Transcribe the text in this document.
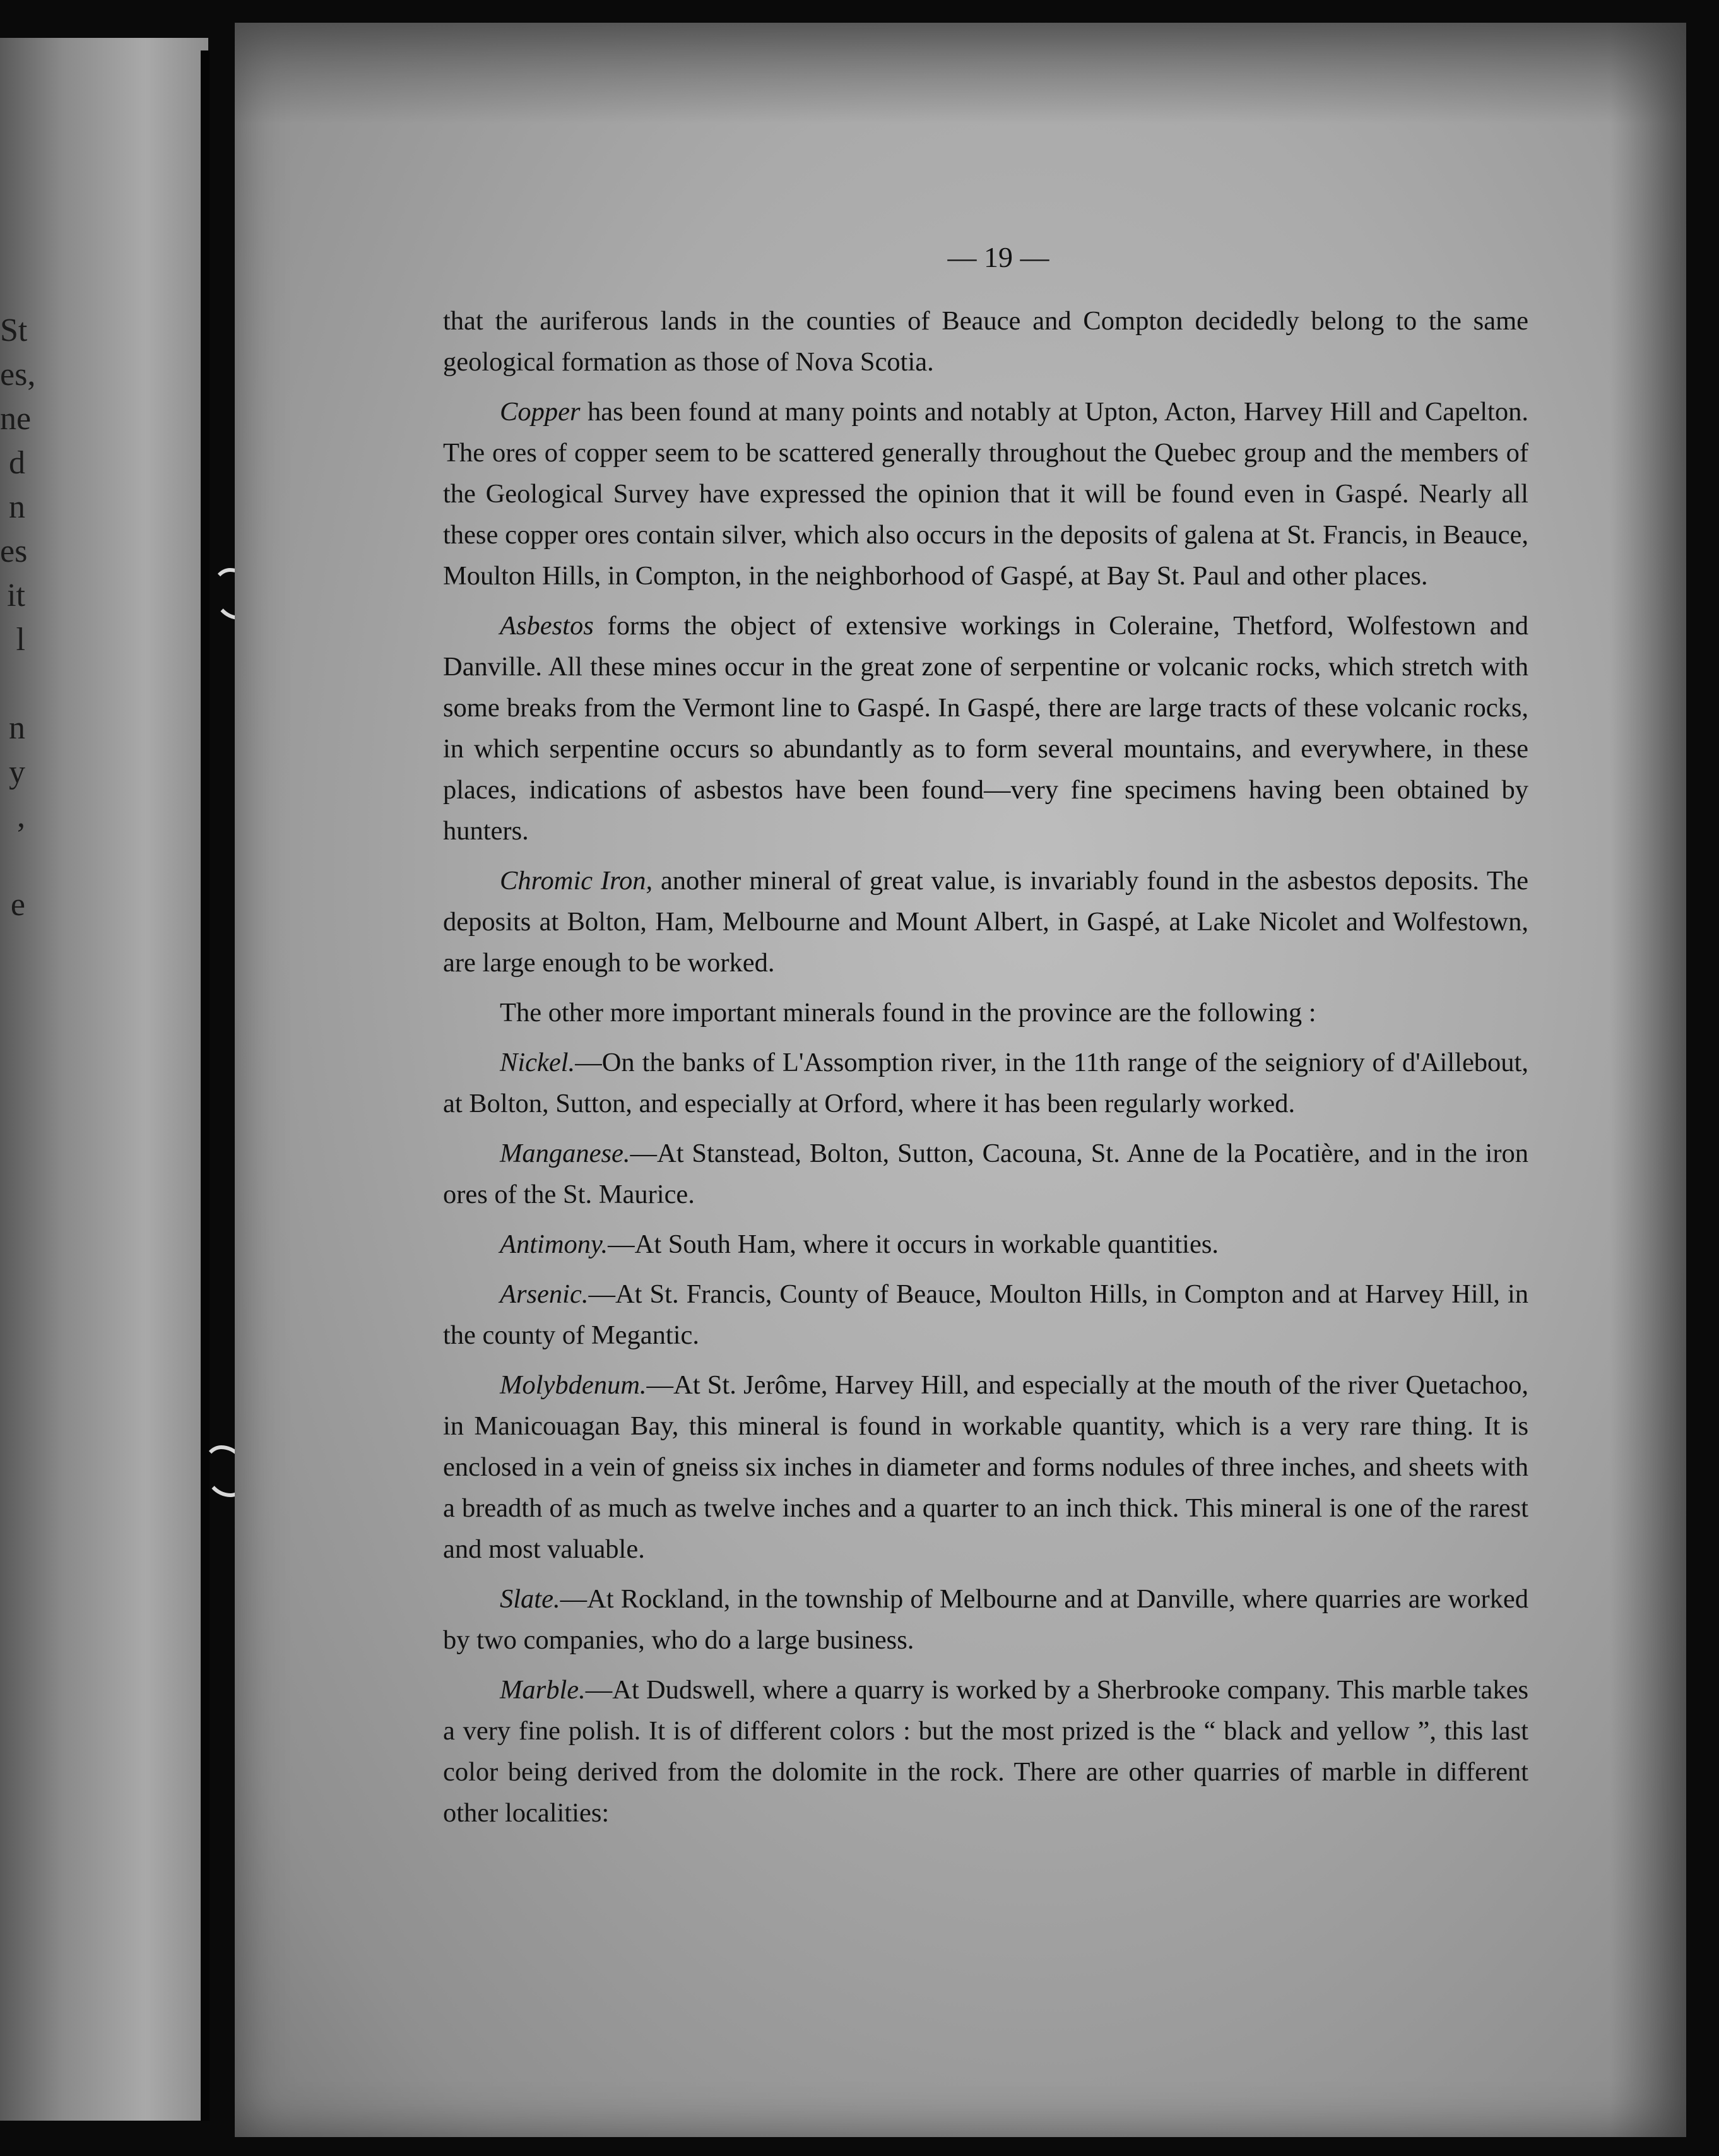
St
es,
ne
d
n
es
it
l
n
y
,
e
— 19 —

that the auriferous lands in the counties of Beauce and Compton decidedly belong to the same geological formation as those of Nova Scotia.

Copper has been found at many points and notably at Upton, Acton, Harvey Hill and Capelton. The ores of copper seem to be scattered generally throughout the Quebec group and the members of the Geological Survey have expressed the opinion that it will be found even in Gaspé. Nearly all these copper ores contain silver, which also occurs in the deposits of galena at St. Francis, in Beauce, Moulton Hills, in Compton, in the neighborhood of Gaspé, at Bay St. Paul and other places.

Asbestos forms the object of extensive workings in Coleraine, Thetford, Wolfestown and Danville. All these mines occur in the great zone of serpentine or volcanic rocks, which stretch with some breaks from the Vermont line to Gaspé. In Gaspé, there are large tracts of these volcanic rocks, in which serpentine occurs so abundantly as to form several mountains, and everywhere, in these places, indications of asbestos have been found—very fine specimens having been obtained by hunters.

Chromic Iron, another mineral of great value, is invariably found in the asbestos deposits. The deposits at Bolton, Ham, Melbourne and Mount Albert, in Gaspé, at Lake Nicolet and Wolfestown, are large enough to be worked.

The other more important minerals found in the province are the following :

Nickel.—On the banks of L'Assomption river, in the 11th range of the seigniory of d'Aillebout, at Bolton, Sutton, and especially at Orford, where it has been regularly worked.

Manganese.—At Stanstead, Bolton, Sutton, Cacouna, St. Anne de la Pocatière, and in the iron ores of the St. Maurice.

Antimony.—At South Ham, where it occurs in workable quantities.

Arsenic.—At St. Francis, County of Beauce, Moulton Hills, in Compton and at Harvey Hill, in the county of Megantic.

Molybdenum.—At St. Jerôme, Harvey Hill, and especially at the mouth of the river Quetachoo, in Manicouagan Bay, this mineral is found in workable quantity, which is a very rare thing. It is enclosed in a vein of gneiss six inches in diameter and forms nodules of three inches, and sheets with a breadth of as much as twelve inches and a quarter to an inch thick. This mineral is one of the rarest and most valuable.

Slate.—At Rockland, in the township of Melbourne and at Danville, where quarries are worked by two companies, who do a large business.

Marble.—At Dudswell, where a quarry is worked by a Sherbrooke company. This marble takes a very fine polish. It is of different colors : but the most prized is the “ black and yellow ”, this last color being derived from the dolomite in the rock. There are other quarries of marble in different other localities:
